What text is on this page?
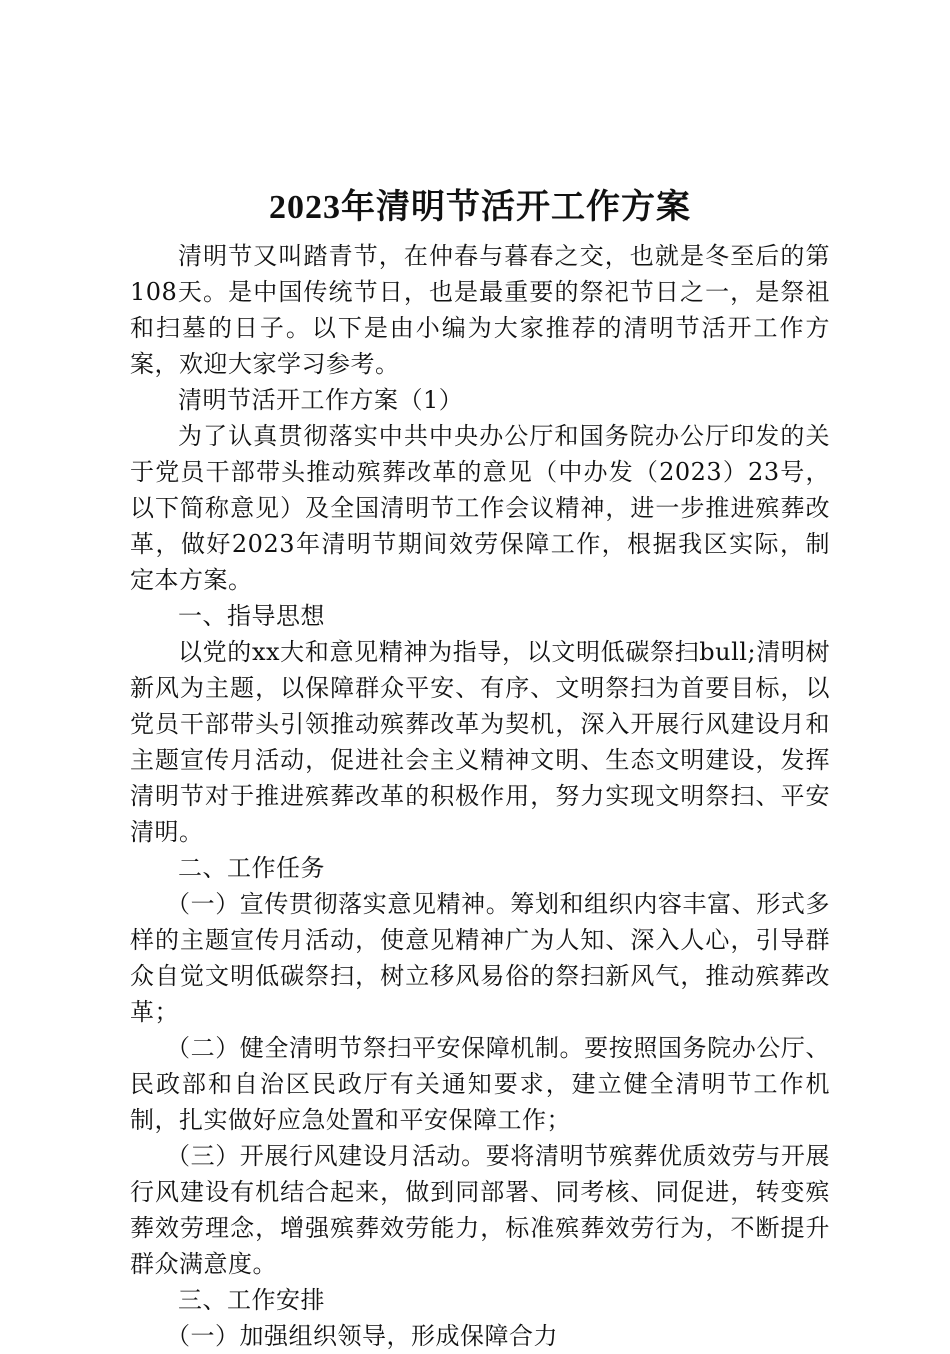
2023年清明节活开工作方案

清明节又叫踏青节，在仲春与暮春之交，也就是冬至后的第108天。是中国传统节日，也是最重要的祭祀节日之一，是祭祖和扫墓的日子。以下是由小编为大家推荐的清明节活开工作方案，欢迎大家学习参考。

清明节活开工作方案（1）

为了认真贯彻落实中共中央办公厅和国务院办公厅印发的关于党员干部带头推动殡葬改革的意见（中办发（2023）23号，以下简称意见）及全国清明节工作会议精神，进一步推进殡葬改革，做好2023年清明节期间效劳保障工作，根据我区实际，制定本方案。

一、指导思想

以党的xx大和意见精神为指导，以文明低碳祭扫bull;清明树新风为主题，以保障群众平安、有序、文明祭扫为首要目标，以党员干部带头引领推动殡葬改革为契机，深入开展行风建设月和主题宣传月活动，促进社会主义精神文明、生态文明建设，发挥清明节对于推进殡葬改革的积极作用，努力实现文明祭扫、平安清明。

二、工作任务

（一）宣传贯彻落实意见精神。筹划和组织内容丰富、形式多样的主题宣传月活动，使意见精神广为人知、深入人心，引导群众自觉文明低碳祭扫，树立移风易俗的祭扫新风气，推动殡葬改革；

（二）健全清明节祭扫平安保障机制。要按照国务院办公厅、民政部和自治区民政厅有关通知要求，建立健全清明节工作机制，扎实做好应急处置和平安保障工作；

（三）开展行风建设月活动。要将清明节殡葬优质效劳与开展行风建设有机结合起来，做到同部署、同考核、同促进，转变殡葬效劳理念，增强殡葬效劳能力，标准殡葬效劳行为，不断提升群众满意度。

三、工作安排

（一）加强组织领导，形成保障合力
